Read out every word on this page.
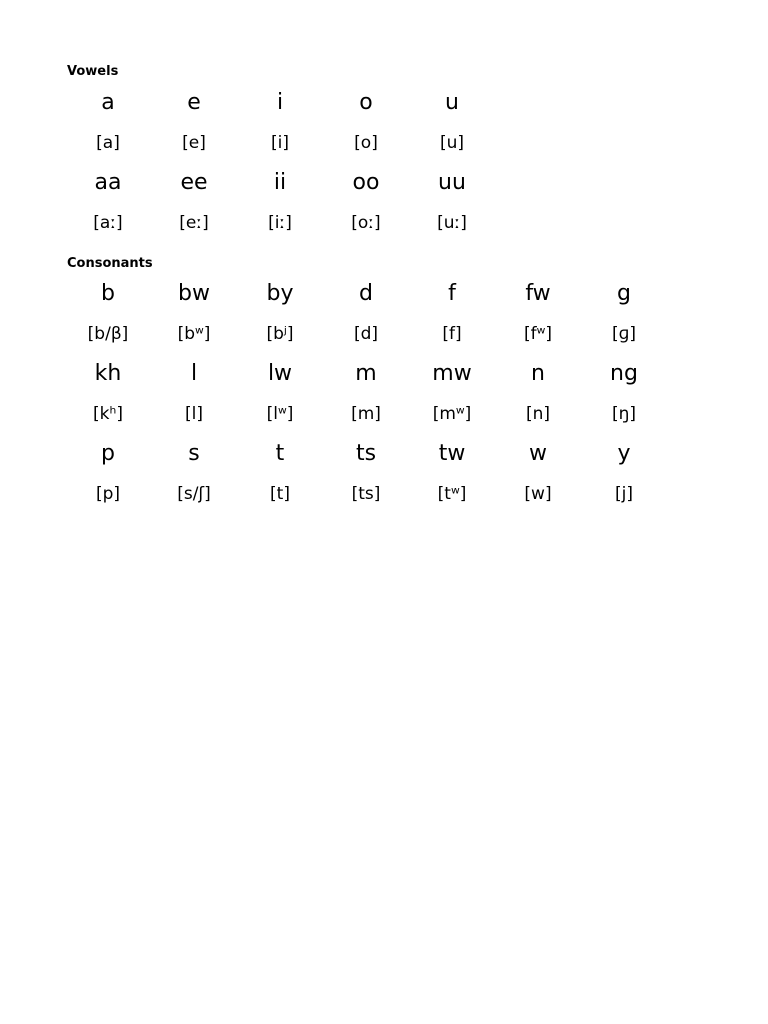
Vowels
a	e	i	o	u
[a]	[e]	[i]	[o]	[u]
aa	ee	ii	oo	uu
[aː]	[eː]	[iː]	[oː]	[uː]
Consonants
b	bw	by	d	f	fw	g
[b/β]	[bʷ]	[bʲ]	[d]	[f]	[fʷ]	[ɡ]
kh	l	lw	m	mw	n	ng
[kʰ]	[l]	[lʷ]	[m]	[mʷ]	[n]	[ŋ]
p	s	t	ts	tw	w	y
[p]	[s/ʃ]	[t]	[ts]	[tʷ]	[w]	[j]
